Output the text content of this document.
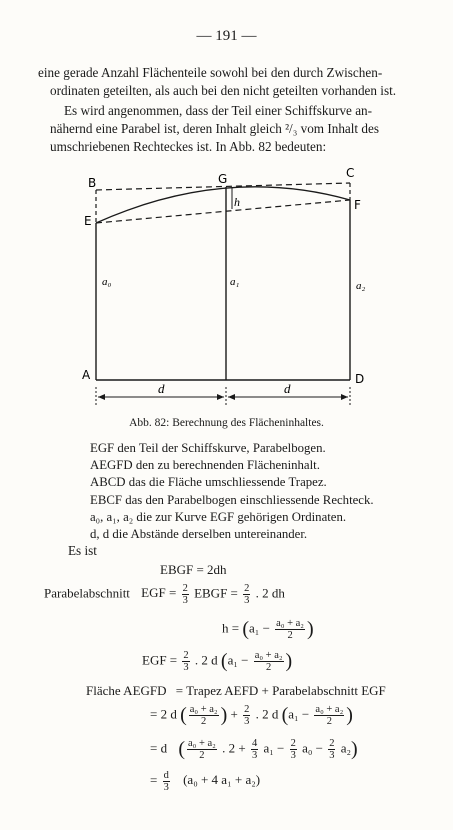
— 191 —
eine gerade Anzahl Flächenteile sowohl bei den durch Zwischen-
ordinaten geteilten, als auch bei den nicht geteilten vorhanden ist.
Es wird angenommen, dass der Teil einer Schiffskurve an-
nähernd eine Parabel ist, deren Inhalt gleich ²/₃ vom Inhalt des
umschriebenen Rechteckes ist. In Abb. 82 bedeuten:
B	G	C
E
F
A	D
h
a₀	a₁	a₂
d	d
Abb. 82: Berechnung des Flächeninhaltes.
EGF den Teil der Schiffskurve, Parabelbogen.
AEGFD den zu berechnenden Flächeninhalt.
ABCD das die Fläche umschliessende Trapez.
EBCF das den Parabelbogen einschliessende Rechteck.
a₀, a₁, a₂ die zur Kurve EGF gehörigen Ordinaten.
d, d die Abstände derselben untereinander.
Es ist
EBGF = 2dh
Parabelabschnitt EGF = $\frac{2}{3}$ EBGF = $\frac{2}{3}$ . 2 dh
$h = (a_1 - \frac{\text{a₀ + a₂}}{2}$ )
EGF = $\frac{2}{3}$ . 2 d ($a_1 - \frac{\text{a₀ + a₂}}{2}$ )
Fläche AEGFD = Trapez AEFD + Parabelabschnitt EGF
= 2 d ( $\frac{\text{a₀ + a₂}}{2}$ ) + $\frac{2}{3}$ . 2 d ($a_1 - \frac{\text{a₀ + a₂}}{2}$ )
= d ( $\frac{\text{a₀ + a₂}}{2}$ . $2 + \frac{4}{3} a_1 - \frac{2}{3} a_0 - \frac{2}{3} a_2$)
= $\frac{d}{3} (a_0 + 4$ a₁ + a₂)
